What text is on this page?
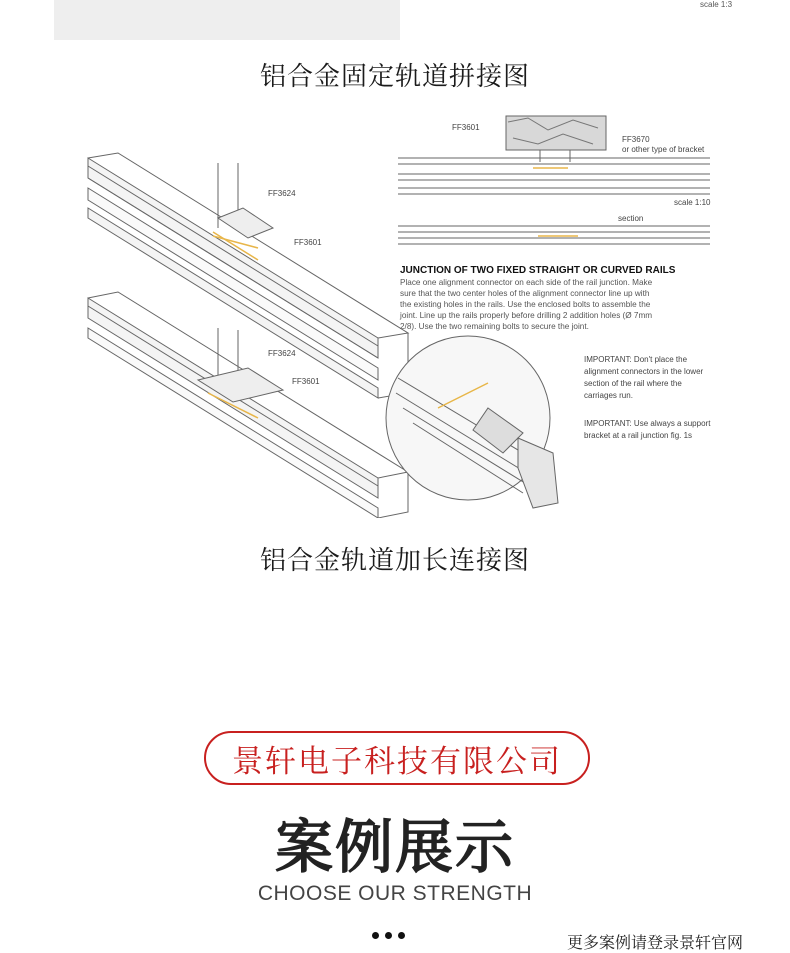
scale 1:3
铝合金固定轨道拼接图
FF3624
FF3601
FF3624
FF3601
FF3601
FF3670
or other type of bracket
scale 1:10
section
JUNCTION OF TWO FIXED STRAIGHT OR CURVED RAILS
Place one alignment connector on each side of the rail junction. Make
sure that the two center holes of the alignment connector line up with
the existing holes in the rails. Use the enclosed bolts to assemble the
joint. Line up the rails properly before drilling 2 addition holes (Ø 7mm
2/8). Use the two remaining bolts to secure the joint.
IMPORTANT: Don't place the
alignment connectors in the lower
section of the rail where the
carriages run.
IMPORTANT: Use always a support
bracket at a rail junction fig. 1s
铝合金轨道加长连接图
景轩电子科技有限公司
案例展示
CHOOSE OUR STRENGTH
更多案例请登录景轩官网
